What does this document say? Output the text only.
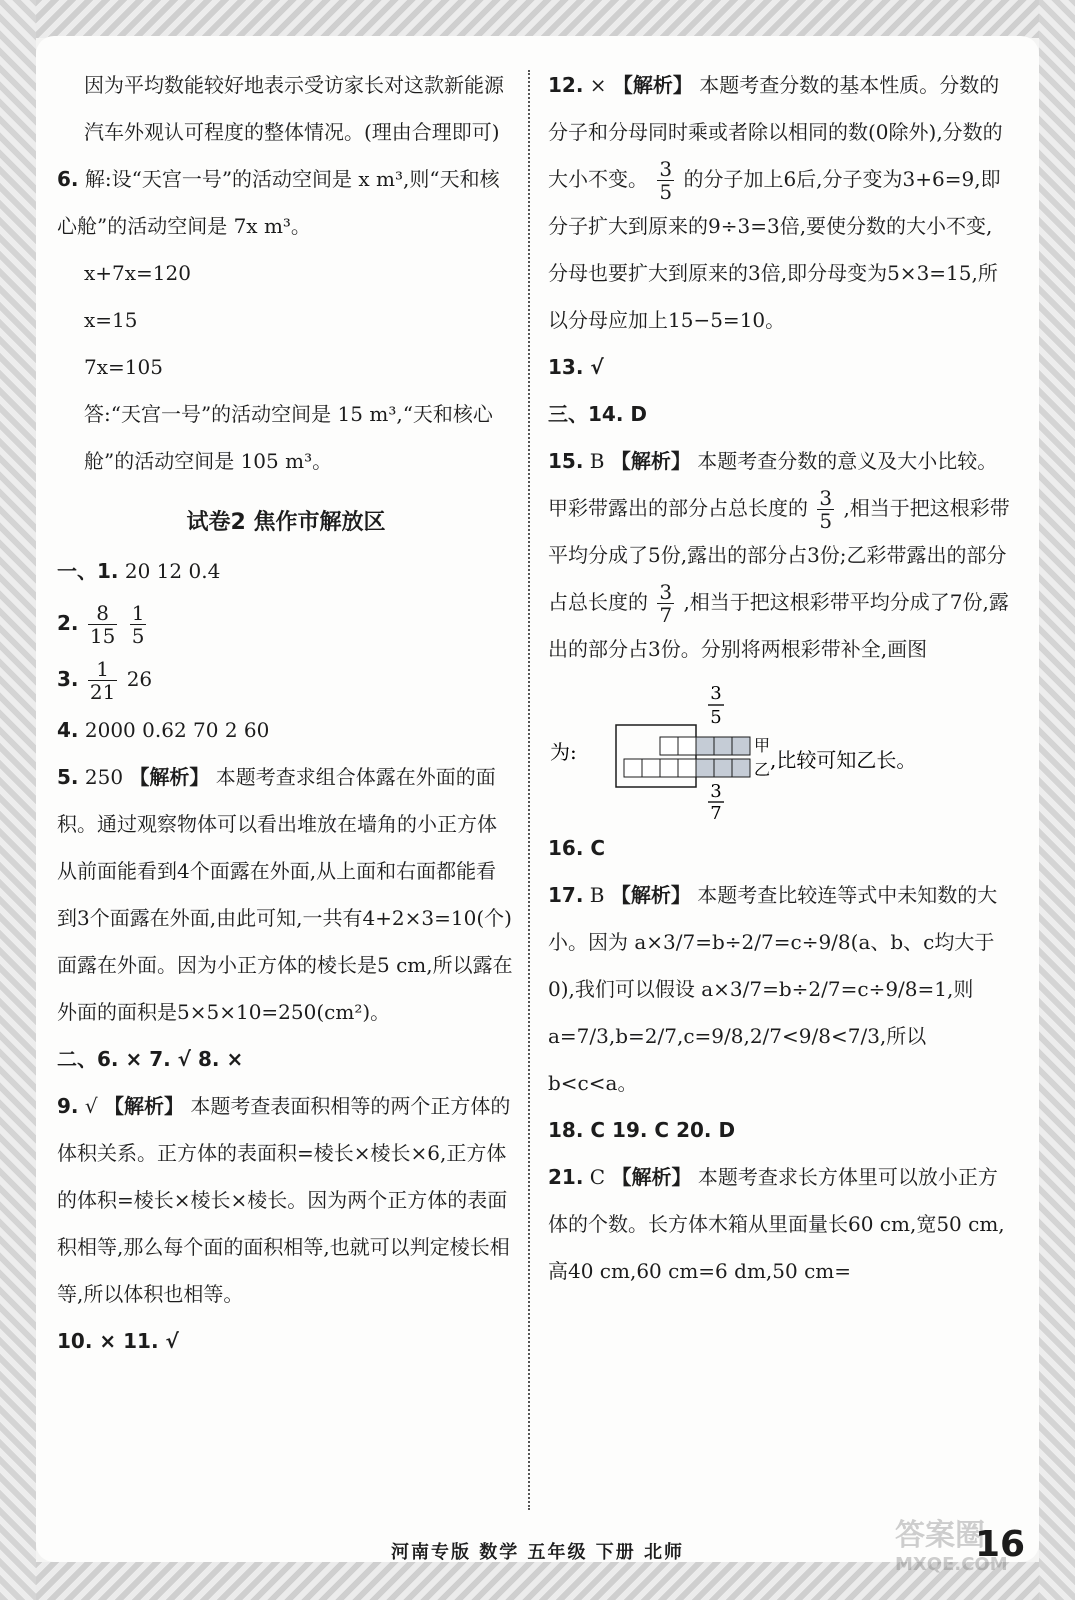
因为平均数能较好地表示受访家长对这款新能源汽车外观认可程度的整体情况。(理由合理即可)

6. 解:设“天宫一号”的活动空间是 x m³,则“天和核心舱”的活动空间是 7x m³。

x+7x=120

x=15

7x=105

答:“天宫一号”的活动空间是 15 m³,“天和核心舱”的活动空间是 105 m³。

试卷2 焦作市解放区

一、1. 20 12 0.4

2. $\frac{8}{15}$
$\frac{1}{5}$

3. $\frac{1}{21} 26$

4. 2000 0.62 70 2 60

5. 250 【解析】 本题考查求组合体露在外面的面积。通过观察物体可以看出堆放在墙角的小正方体从前面能看到4个面露在外面,从上面和右面都能看到3个面露在外面,由此可知,一共有4+2×3=10(个)面露在外面。因为小正方体的棱长是5 cm,所以露在外面的面积是5×5×10=250(cm²)。

二、6. × 7. √ 8. ×

9. √ 【解析】 本题考查表面积相等的两个正方体的体积关系。正方体的表面积=棱长×棱长×6,正方体的体积=棱长×棱长×棱长。因为两个正方体的表面积相等,那么每个面的面积相等,也就可以判定棱长相等,所以体积也相等。

10. × 11. √

12. × 【解析】 本题考查分数的基本性质。分数的分子和分母同时乘或者除以相同的数(0除外),分数的大小不变。 $\frac{3}{5}$ 的分子加上6后,分子变为3+6=9,即分子扩大到原来的9÷3=3倍,要使分数的大小不变,分母也要扩大到原来的3倍,即分母变为5×3=15,所以分母应加上15−5=10。

13. √

三、14. D

15. B 【解析】 本题考查分数的意义及大小比较。甲彩带露出的部分占总长度的 $\frac{3}{5}$ ,相当于把这根彩带平均分成了5份,露出的部分占3份;乙彩带露出的部分占总长度的 $\frac{3}{7}$ ,相当于把这根彩带平均分成了7份,露出的部分占3份。分别将两根彩带补全,画图

为:
3
5
甲
乙 ,比较可知乙长。
3
7

16. C

17. B 【解析】 本题考查比较连等式中未知数的大小。因为 a×3/7=b÷2/7=c÷9/8(a、b、c均大于0),我们可以假设 a×3/7=b÷2/7=c÷9/8=1,则 a=7/3,b=2/7,c=9/8,2/7<9/8<7/3,所以b<c<a。

18. C 19. C 20. D

21. C 【解析】 本题考查求长方体里可以放小正方体的个数。长方体木箱从里面量长60 cm,宽50 cm,高40 cm,60 cm=6 dm,50 cm=

河南专版 数学 五年级 下册 北师	答案圈
MXQE.COM
16
